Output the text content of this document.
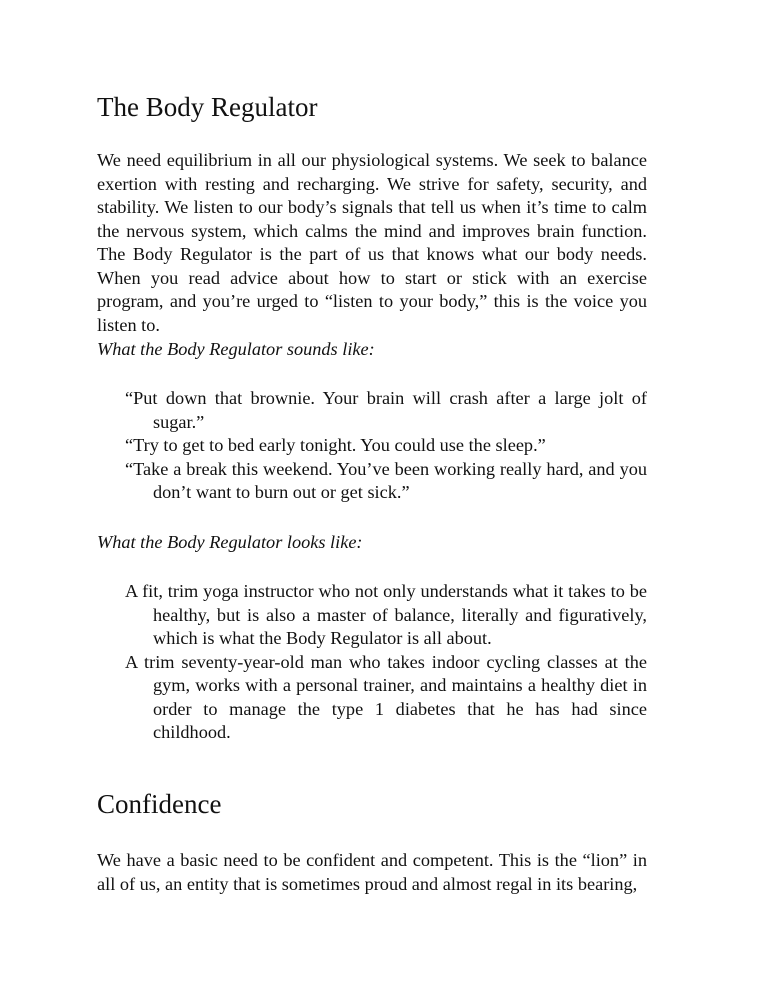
The Body Regulator

We need equilibrium in all our physiological systems. We seek to balance exertion with resting and recharging. We strive for safety, security, and stability. We listen to our body’s signals that tell us when it’s time to calm the nervous system, which calms the mind and improves brain function. The Body Regulator is the part of us that knows what our body needs. When you read advice about how to start or stick with an exercise program, and you’re urged to “listen to your body,” this is the voice you listen to.

What the Body Regulator sounds like:

“Put down that brownie. Your brain will crash after a large jolt of sugar.”
“Try to get to bed early tonight. You could use the sleep.”
“Take a break this weekend. You’ve been working really hard, and you don’t want to burn out or get sick.”

What the Body Regulator looks like:

A fit, trim yoga instructor who not only understands what it takes to be healthy, but is also a master of balance, literally and figuratively, which is what the Body Regulator is all about.
A trim seventy-year-old man who takes indoor cycling classes at the gym, works with a personal trainer, and maintains a healthy diet in order to manage the type 1 diabetes that he has had since childhood.
Confidence

We have a basic need to be confident and competent. This is the “lion” in all of us, an entity that is sometimes proud and almost regal in its bearing,
